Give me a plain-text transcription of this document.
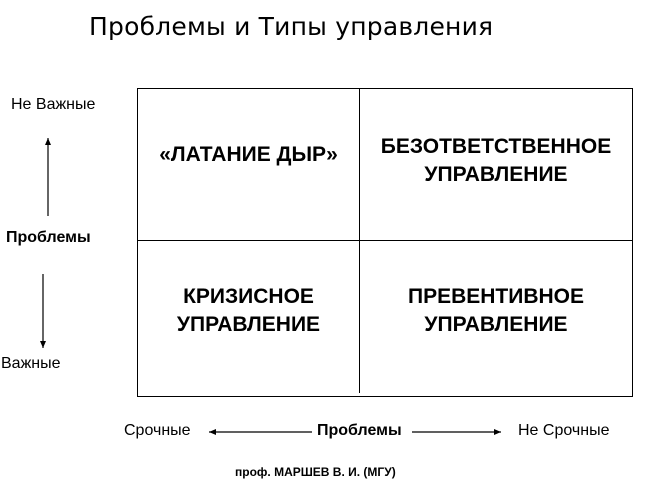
Проблемы и Типы управления
«ЛАТАНИЕ ДЫР»	БЕЗОТВЕТСТВЕННОЕ
УПРАВЛЕНИЕ
КРИЗИСНОЕ
УПРАВЛЕНИЕ
ПРЕВЕНТИВНОЕ
УПРАВЛЕНИЕ
Не Важные
Проблемы
Важные
Срочные	Проблемы	Не Срочные
проф. МАРШЕВ В. И. (МГУ)
